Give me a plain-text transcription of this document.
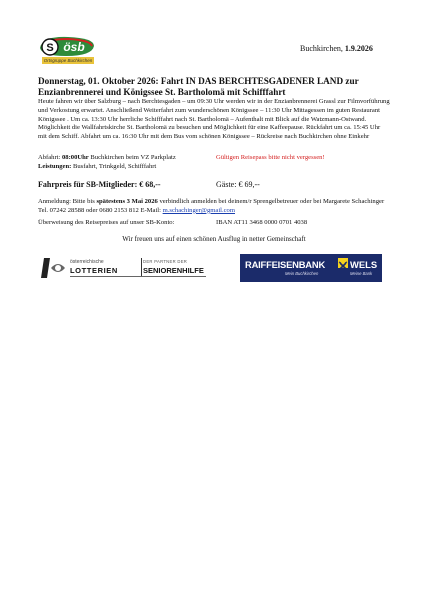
S ösb
Ortsgruppe Buchkirchen
Buchkirchen, 1.9.2026
Donnerstag, 01. Oktober 2026: Fahrt IN DAS BERCHTESGADENER LAND zur Enzianbrennerei und Königssee St. Bartholomä mit Schifffahrt
Heute fahren wir über Salzburg – nach Berchtesgaden – um 09:30 Uhr werden wir in der Enzianbrennerei Grassl zur Filmvorführung und Verkostung erwartet. Anschließend Weiterfahrt zum wunderschönen Königssee – 11:30 Uhr Mittagessen im guten Restaurant Königssee . Um ca. 13:30 Uhr herrliche Schifffahrt nach St. Bartholomä – Aufenthalt mit Blick auf die Watzmann-Ostwand. Möglichkeit die Wallfahrtskirche St. Bartholomä zu besuchen und Möglichkeit für eine Kaffeepause. Rückfahrt um ca. 15:45 Uhr mit dem Schiff. Abfahrt um ca. 16:30 Uhr mit dem Bus vom schönen Königssee – Rückreise nach Buchkirchen ohne Einkehr
Abfahrt: 08:00Uhr Buchkirchen beim VZ Parkplatz	Gültigen Reisepass bitte nicht vergessen!
Leistungen: Busfahrt, Trinkgeld, Schifffahrt
Fahrpreis für SB-Mitglieder: € 68,--	Gäste: € 69,--
Anmeldung: Bitte bis spätestens 3 Mai 2026 verbindlich anmelden bei deinem/r Sprengelbetreuer oder bei Margarete Schachinger Tel. 07242 28588 oder 0680 2153 812 E-Mail: m.schachinger@gmail.com
Überweisung des Reisepreises auf unser SB-Konto:	IBAN AT11 3468 0000 0701 4038
Wir freuen uns auf einen schönen Ausflug in netter Gemeinschaft
österreichische
LOTTERIEN
DER PARTNER DER
SENIORENHILFE
RAIFFEISENBANK
Mein Buchkirchen
WELS
Meine Bank
